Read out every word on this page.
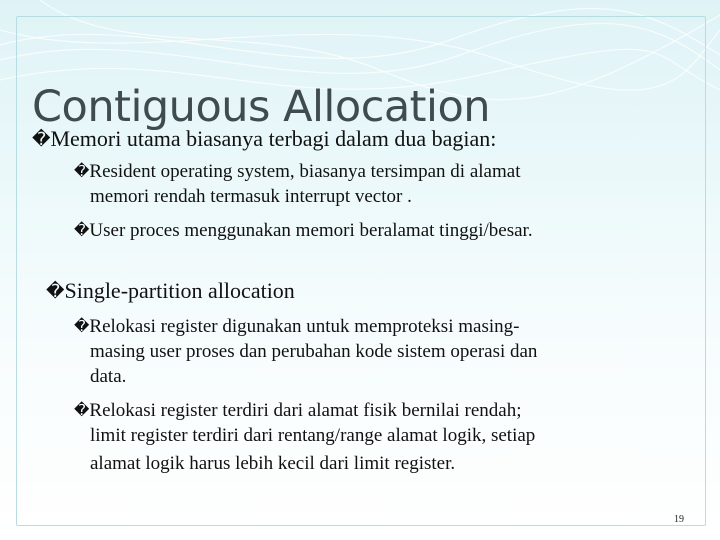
Contiguous Allocation
�Memori utama biasanya terbagi dalam dua bagian:
�Resident operating system, biasanya tersimpan di alamat
memori rendah termasuk interrupt vector .
�User proces menggunakan memori beralamat tinggi/besar.
�Single-partition allocation
�Relokasi register digunakan untuk memproteksi masing-
masing user proses dan perubahan kode sistem operasi dan
data.
�Relokasi register terdiri dari alamat fisik bernilai rendah;
limit register terdiri dari rentang/range alamat logik, setiap
alamat logik harus lebih kecil dari limit register.
19
